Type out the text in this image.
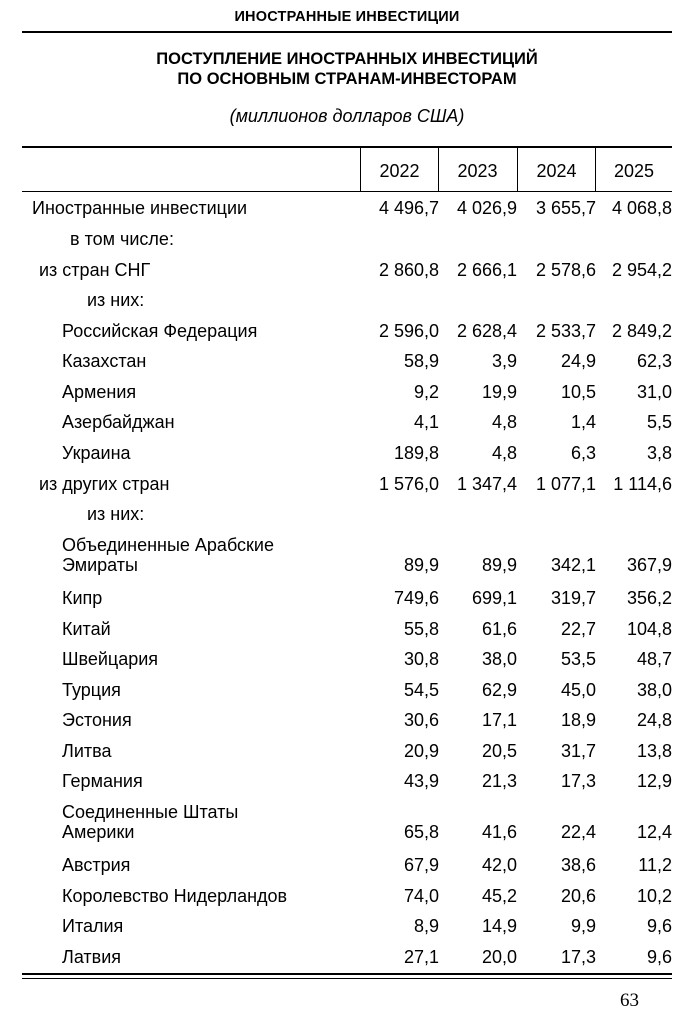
ИНОСТРАННЫЕ ИНВЕСТИЦИИ
ПОСТУПЛЕНИЕ ИНОСТРАННЫХ ИНВЕСТИЦИЙ
ПО ОСНОВНЫМ СТРАНАМ-ИНВЕСТОРАМ
(миллионов долларов США)
2022	2023	2024	2025
Иностранные инвестиции	4 496,7 4 026,9 3 655,7 4 068,8
в том числе:
из стран СНГ	2 860,8 2 666,1 2 578,6 2 954,2
из них:
Российская Федерация	2 596,0 2 628,4 2 533,7 2 849,2
Казахстан	58,9	3,9 24,9 62,3
Армения	9,2 19,9 10,5 31,0
Азербайджан	4,1	4,8	1,4	5,5
Украина	189,8	4,8	6,3	3,8
из других стран	1 576,0 1 347,4 1 077,1 1 114,6
из них:
Объединенные Арабские
Эмираты	89,9 89,9 342,1 367,9
Кипр	749,6 699,1 319,7 356,2
Китай	55,8 61,6 22,7 104,8
Швейцария	30,8 38,0 53,5 48,7
Турция	54,5 62,9 45,0 38,0
Эстония	30,6 17,1 18,9 24,8
Литва	20,9 20,5 31,7 13,8
Германия	43,9 21,3 17,3 12,9
Соединенные Штаты
Америки	65,8 41,6 22,4 12,4
Австрия	67,9 42,0 38,6 11,2
Королевство Нидерландов	74,0 45,2 20,6 10,2
Италия	8,9 14,9	9,9	9,6
Латвия	27,1 20,0 17,3	9,6
63
